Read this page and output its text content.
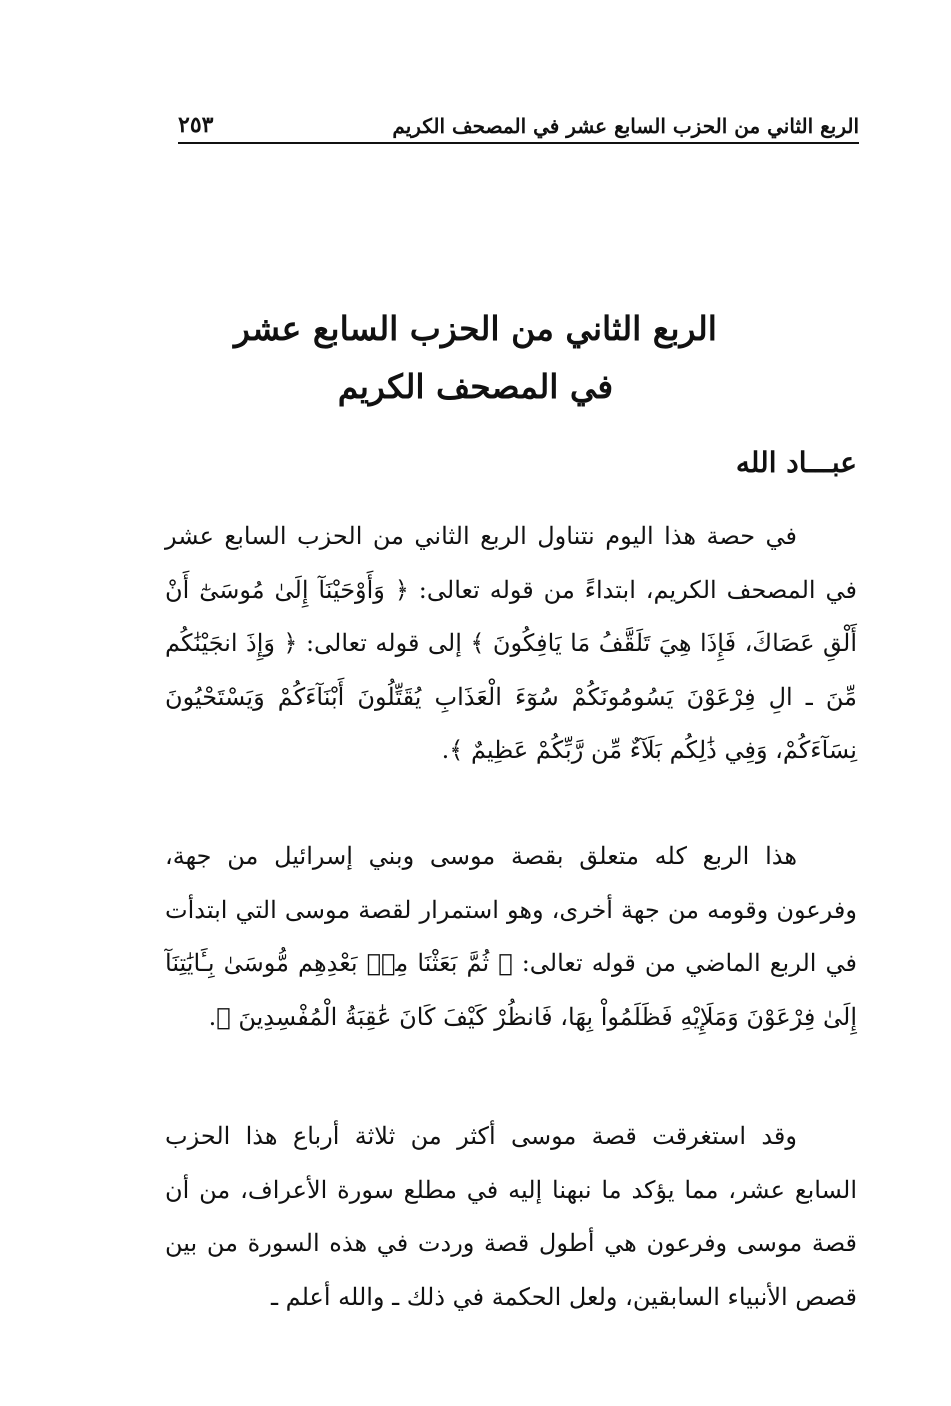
الربع الثاني من الحزب السابع عشر في المصحف الكريم
٢٥٣
الربع الثاني من الحزب السابع عشر
في المصحف الكريم
عبـــاد الله

في حصة هذا اليوم نتناول الربع الثاني من الحزب السابع عشر في المصحف الكريم، ابتداءً من قوله تعالى: ﴿ وَأَوْحَيْنَآ إِلَىٰ مُوسَىٰٓ أَنْ أَلْقِ عَصَاكَ، فَإِذَا هِيَ تَلَقَّفُ مَا يَافِكُونَ ﴾ إلى قوله تعالى: ﴿ وَإِذَ انجَيْنَٰكُم مِّنَ ـ الِ فِرْعَوْنَ يَسُومُونَكُمْ سُوٓءَ الْعَذَابِ يُقَتِّلُونَ أَبْنَآءَكُمْ وَيَسْتَحْيُونَ نِسَآءَكُمْ، وَفِي ذَٰلِكُم بَلَآءٌ مِّن رَّبِّكُمْ عَظِيمٌ ﴾.

هذا الربع كله متعلق بقصة موسى وبني إسرائيل من جهة، وفرعون وقومه من جهة أخرى، وهو استمرار لقصة موسى التي ابتدأت في الربع الماضي من قوله تعالى: ﴿ ثُمَّ بَعَثْنَا مِنۢ بَعْدِهِم مُّوسَىٰ بِـَٔايَٰتِنَآ إِلَىٰ فِرْعَوْنَ وَمَلَإِيْهِ فَظَلَمُواْ بِهَا، فَانظُرْ كَيْفَ كَانَ عَٰقِبَةُ الْمُفْسِدِينَ ﴾.

وقد استغرقت قصة موسى أكثر من ثلاثة أرباع هذا الحزب السابع عشر، مما يؤكد ما نبهنا إليه في مطلع سورة الأعراف، من أن قصة موسى وفرعون هي أطول قصة وردت في هذه السورة من بين قصص الأنبياء السابقين، ولعل الحكمة في ذلك ـ والله أعلم ـ
